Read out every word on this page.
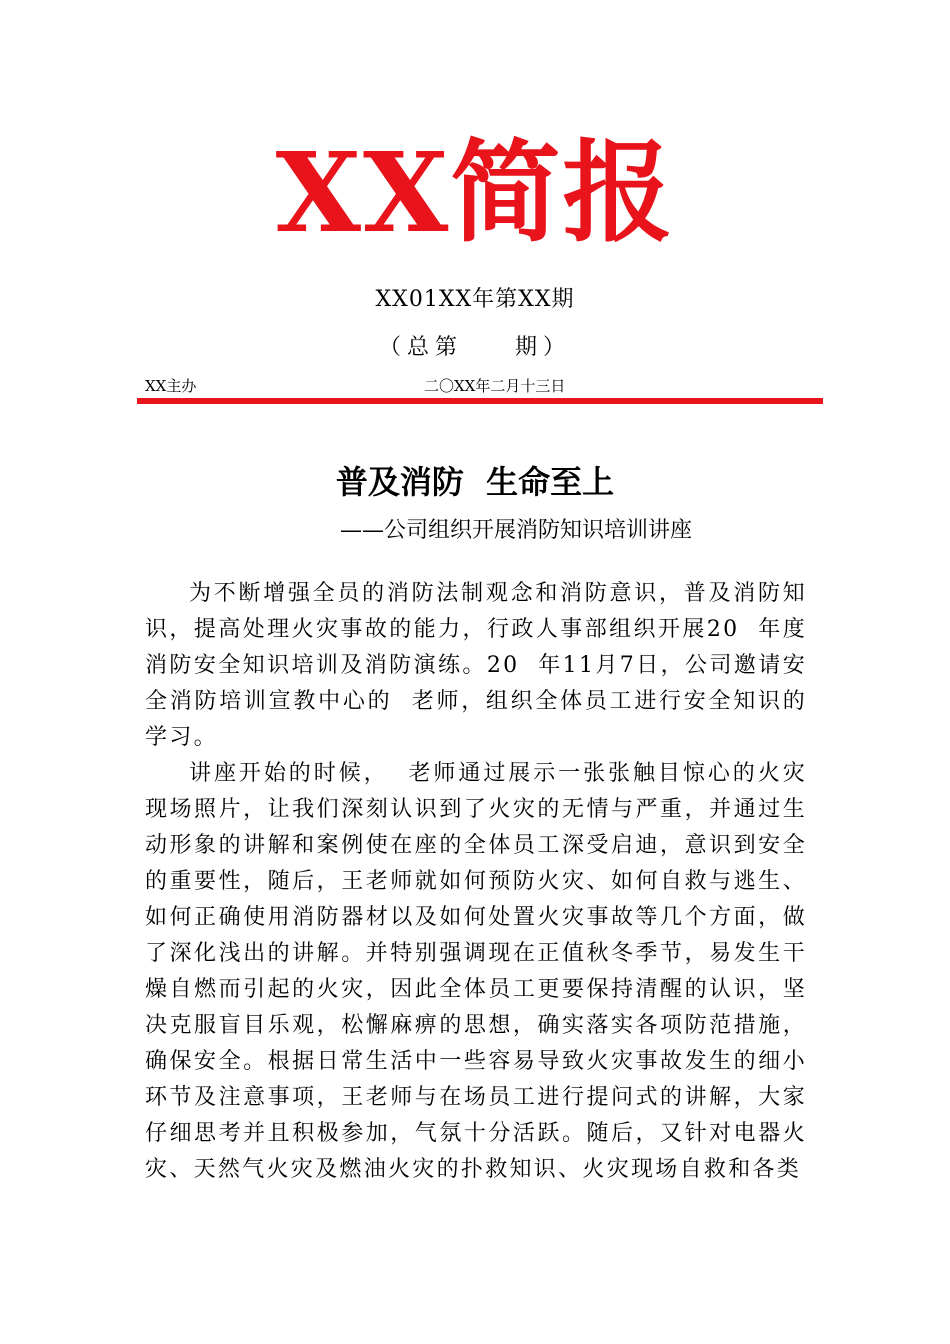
XX简报
XX01XX年第XX期
（总第    期）
XX主办	二〇XX年二月十三日
普及消防  生命至上
——公司组织开展消防知识培训讲座

为不断增强全员的消防法制观念和消防意识，普及消防知识，提高处理火灾事故的能力，行政人事部组织开展20  年度消防安全知识培训及消防演练。20  年11月7日，公司邀请安全消防培训宣教中心的  老师，组织全体员工进行安全知识的学习。

讲座开始的时候，  老师通过展示一张张触目惊心的火灾现场照片，让我们深刻认识到了火灾的无情与严重，并通过生动形象的讲解和案例使在座的全体员工深受启迪，意识到安全的重要性，随后，王老师就如何预防火灾、如何自救与逃生、如何正确使用消防器材以及如何处置火灾事故等几个方面，做了深化浅出的讲解。并特别强调现在正值秋冬季节，易发生干燥自燃而引起的火灾，因此全体员工更要保持清醒的认识，坚决克服盲目乐观，松懈麻痹的思想，确实落实各项防范措施，确保安全。根据日常生活中一些容易导致火灾事故发生的细小环节及注意事项，王老师与在场员工进行提问式的讲解，大家仔细思考并且积极参加，气氛十分活跃。随后，又针对电器火灾、天然气火灾及燃油火灾的扑救知识、火灾现场自救和各类
